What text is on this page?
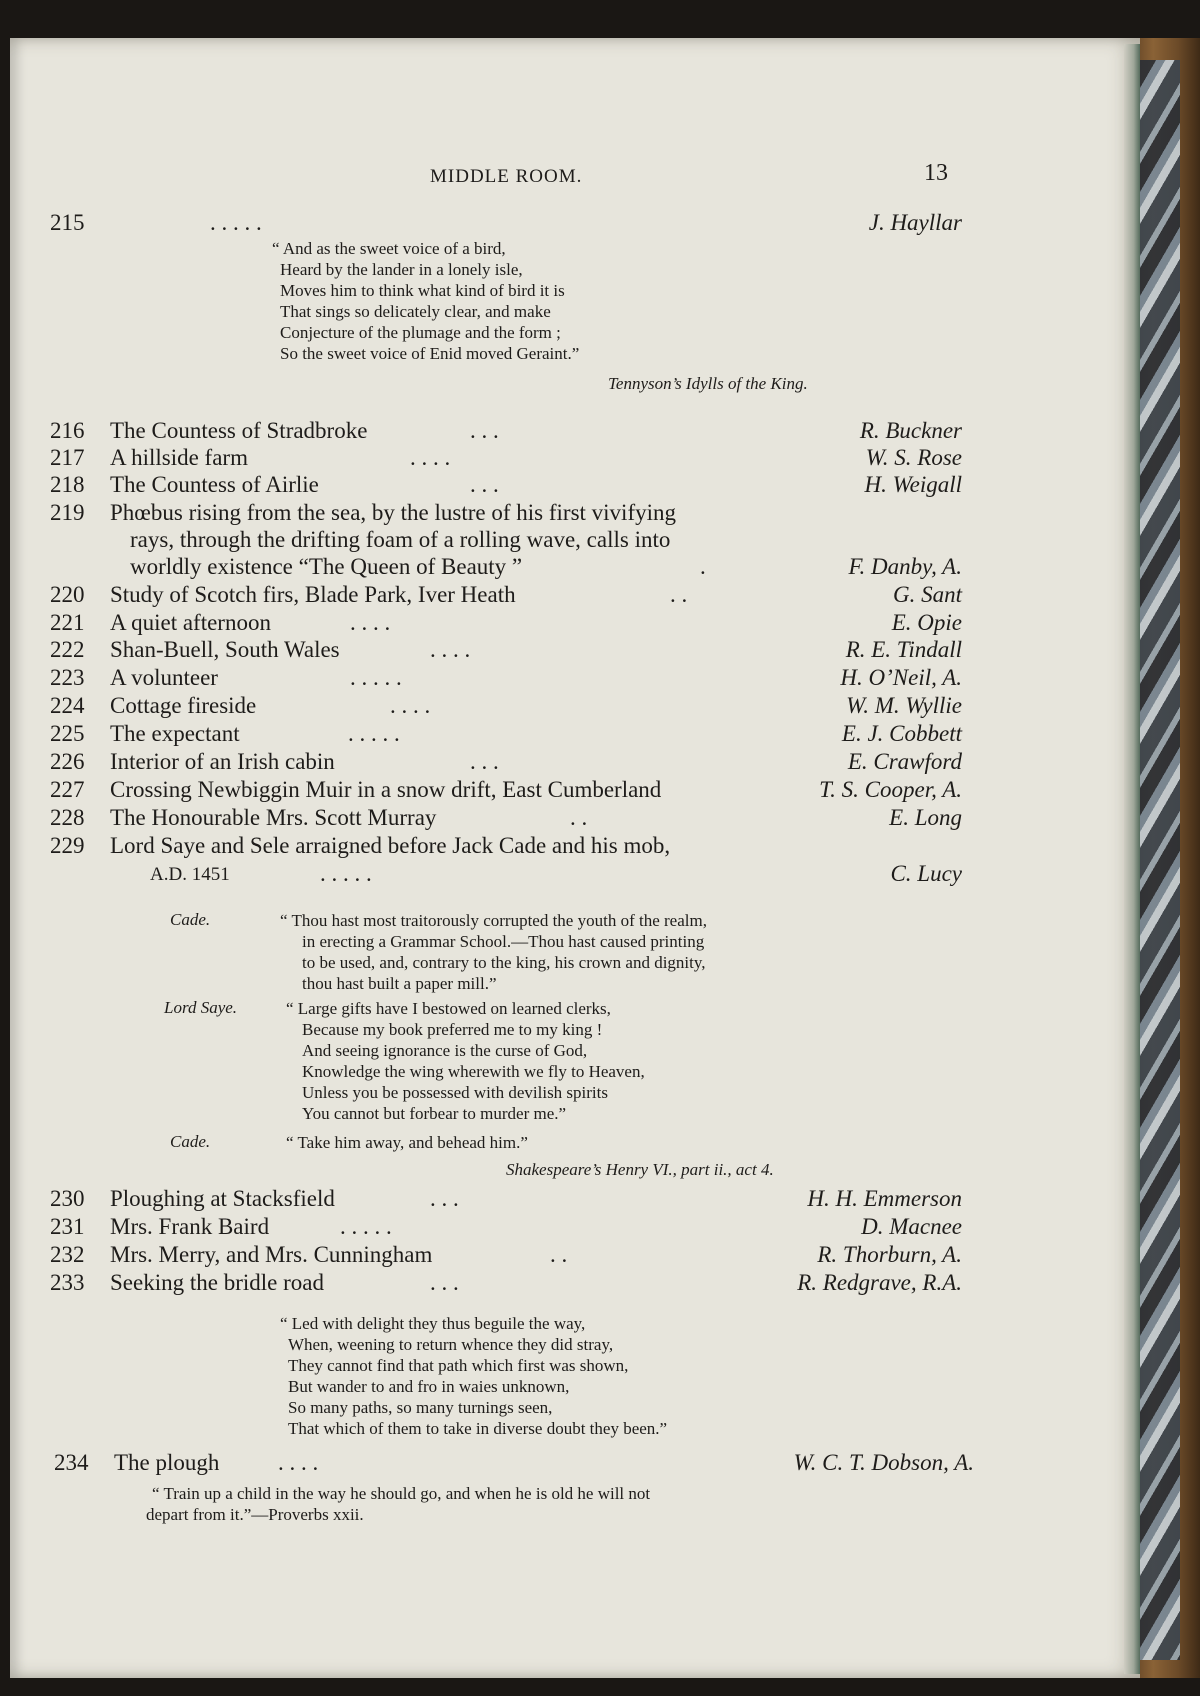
MIDDLE ROOM.	13
215	. . . . .	J. Hayllar
“ And as the sweet voice of a bird,
Heard by the lander in a lonely isle,
Moves him to think what kind of bird it is
That sings so delicately clear, and make
Conjecture of the plumage and the form ;
So the sweet voice of Enid moved Geraint.”
Tennyson’s Idylls of the King.
216 The Countess of Stradbroke	. . .	R. Buckner
217 A hillside farm	. . . .	W. S. Rose
218 The Countess of Airlie	. . .	H. Weigall
219 Phœbus rising from the sea, by the lustre of his first vivifying
rays, through the drifting foam of a rolling wave, calls into
worldly existence “The Queen of Beauty ”	.	F. Danby, A.
220 Study of Scotch firs, Blade Park, Iver Heath	. .	G. Sant
221 A quiet afternoon	. . . .	E. Opie
222 Shan-Buell, South Wales	. . . .	R. E. Tindall
223 A volunteer	. . . . .	H. O’Neil, A.
224 Cottage fireside	. . . .	W. M. Wyllie
225 The expectant	. . . . .	E. J. Cobbett
226 Interior of an Irish cabin	. . .	E. Crawford
227 Crossing Newbiggin Muir in a snow drift, East Cumberland	T. S. Cooper, A.
228 The Honourable Mrs. Scott Murray	. .	E. Long
229 Lord Saye and Sele arraigned before Jack Cade and his mob,
A.D. 1451	. . . . .	C. Lucy
Cade.	“ Thou hast most traitorously corrupted the youth of the realm,
in erecting a Grammar School.—Thou hast caused printing
to be used, and, contrary to the king, his crown and dignity,
thou hast built a paper mill.”
Lord Saye.	“ Large gifts have I bestowed on learned clerks,
Because my book preferred me to my king !
And seeing ignorance is the curse of God,
Knowledge the wing wherewith we fly to Heaven,
Unless you be possessed with devilish spirits
You cannot but forbear to murder me.”
Cade.	“ Take him away, and behead him.”
Shakespeare’s Henry VI., part ii., act 4.
230 Ploughing at Stacksfield	. . .	H. H. Emmerson
231 Mrs. Frank Baird	. . . . .	D. Macnee
232 Mrs. Merry, and Mrs. Cunningham	. .	R. Thorburn, A.
233 Seeking the bridle road	. . .	R. Redgrave, R.A.
“ Led with delight they thus beguile the way,
When, weening to return whence they did stray,
They cannot find that path which first was shown,
But wander to and fro in waies unknown,
So many paths, so many turnings seen,
That which of them to take in diverse doubt they been.”
234 The plough	. . . .	W. C. T. Dobson, A.
“ Train up a child in the way he should go, and when he is old he will not
depart from it.”—Proverbs xxii.
